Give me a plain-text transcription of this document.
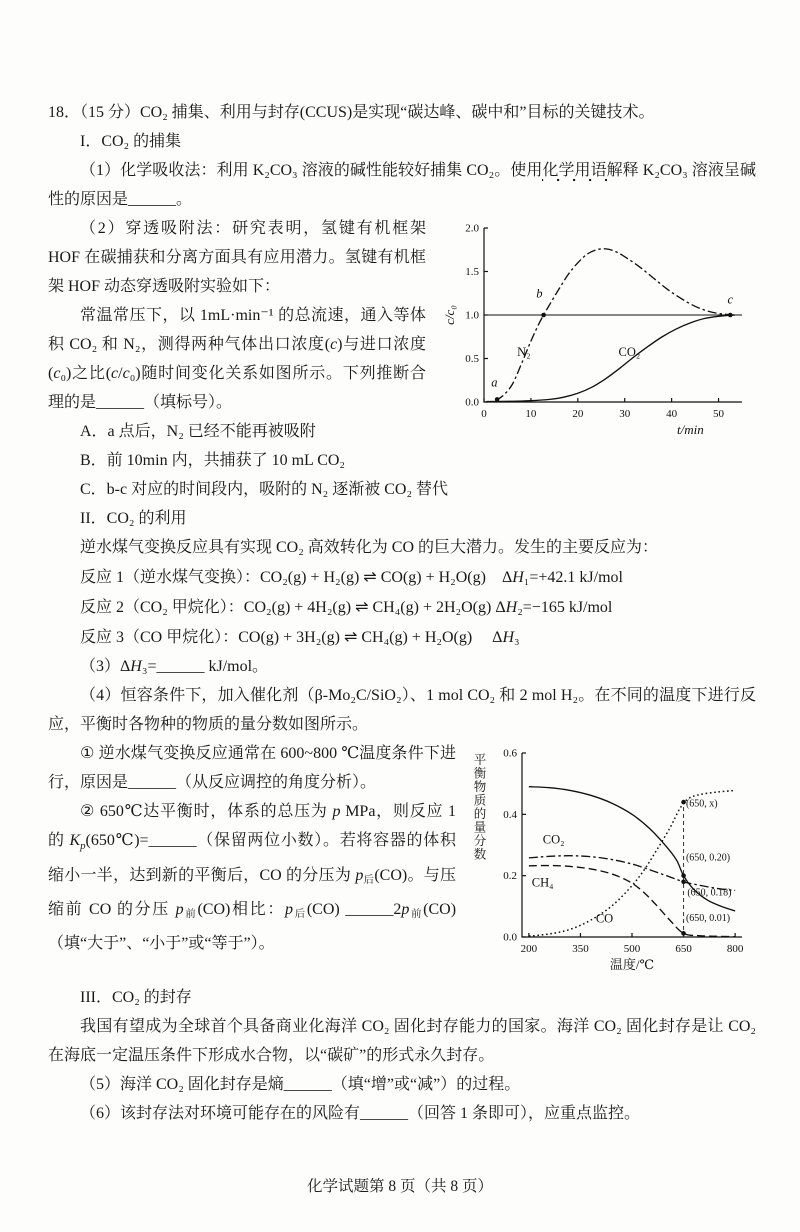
18．（15 分）CO₂ 捕集、利用与封存(CCUS)是实现“碳达峰、碳中和”目标的关键技术。

I．CO₂ 的捕集

（1）化学吸收法：利用 K₂CO₃ 溶液的碱性能较好捕集 CO₂。使用化学用语解释 K₂CO₃ 溶液呈碱性的原因是______。

0	10	20	30	40	50
0.0
0.5
1.0
1.5
2.0
a
b	c
N₂	CO₂
t/min
c/c₀

（2）穿透吸附法：研究表明，氢键有机框架 HOF 在碳捕获和分离方面具有应用潜力。氢键有机框架 HOF 动态穿透吸附实验如下：

常温常压下，以 1mL·min⁻¹ 的总流速，通入等体积 CO₂ 和 N₂，测得两种气体出口浓度(c)与进口浓度(c₀)之比(c/c₀)随时间变化关系如图所示。下列推断合理的是______（填标号）。

A．a 点后，N₂ 已经不能再被吸附

B．前 10min 内，共捕获了 10 mL CO₂

C．b-c 对应的时间段内，吸附的 N₂ 逐渐被 CO₂ 替代

II．CO₂ 的利用

逆水煤气变换反应具有实现 CO₂ 高效转化为 CO 的巨大潜力。发生的主要反应为：

反应 1（逆水煤气变换）：CO₂(g) + H₂(g) ⇌ CO(g) + H₂O(g)　ΔH₁=+42.1 kJ/mol

反应 2（CO₂ 甲烷化）：CO₂(g) + 4H₂(g) ⇌ CH₄(g) + 2H₂O(g) ΔH₂=−165 kJ/mol

反应 3（CO 甲烷化）：CO(g) + 3H₂(g) ⇌ CH₄(g) + H₂O(g)　 ΔH₃

（3）ΔH₃=______ kJ/mol。

（4）恒容条件下，加入催化剂（β-Mo₂C/SiO₂）、1 mol CO₂ 和 2 mol H₂。在不同的温度下进行反应，平衡时各物种的物质的量分数如图所示。

平衡物质的量分数
200	350	500	650	800
0.0
0.2
0.4
0.6
CO₂
CH₄
CO
(650, x)
(650, 0.20)
(650, 0.18)
(650, 0.01)
温度/℃

① 逆水煤气变换反应通常在 600~800 ℃温度条件下进行，原因是______（从反应调控的角度分析）。

② 650℃达平衡时，体系的总压为 p MPa，则反应 1 的 $K_p(650℃)=\_\_\_\_\_\_$（保留两位小数）。若将容器的体积缩小一半，达到新的平衡后，CO 的分压为 p后(CO)。与压缩前 CO 的分压 p前(CO)相比：p后(CO) ______2p前(CO)（填“大于”、“小于”或“等于”）。

III．CO₂ 的封存

我国有望成为全球首个具备商业化海洋 CO₂ 固化封存能力的国家。海洋 CO₂ 固化封存是让 CO₂ 在海底一定温压条件下形成水合物，以“碳矿”的形式永久封存。

（5）海洋 CO₂ 固化封存是熵______（填“增”或“减”）的过程。

（6）该封存法对环境可能存在的风险有______（回答 1 条即可），应重点监控。

化学试题第 8 页（共 8 页）
